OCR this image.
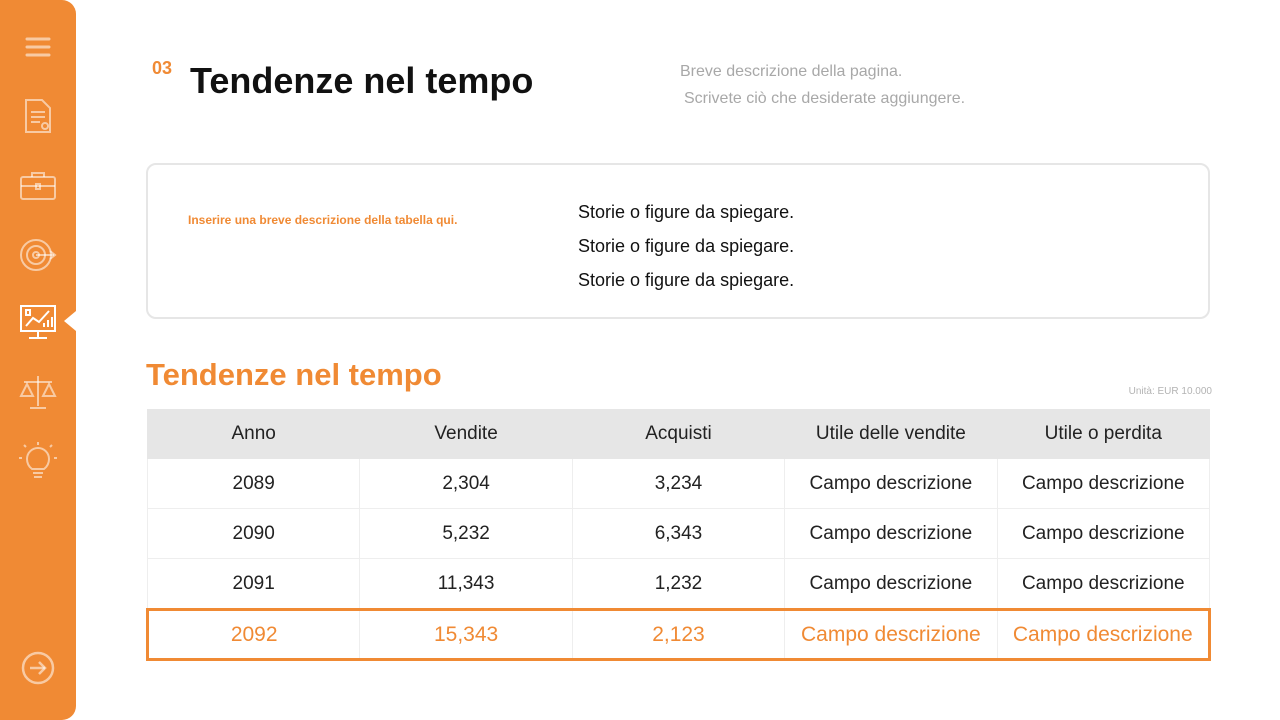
03 Tendenze nel tempo	Breve descrizione della pagina.
Scrivete ciò che desiderate aggiungere.
Inserire una breve descrizione della tabella qui.	Storie o figure da spiegare.
Storie o figure da spiegare.
Storie o figure da spiegare.
Tendenze nel tempo	Unità: EUR 10.000
Anno	Vendite	Acquisti	Utile delle vendite	Utile o perdita
2089	2,304	3,234	Campo descrizione	Campo descrizione
2090	5,232	6,343	Campo descrizione	Campo descrizione
2091	11,343	1,232	Campo descrizione	Campo descrizione
2092	15,343	2,123	Campo descrizione	Campo descrizione
